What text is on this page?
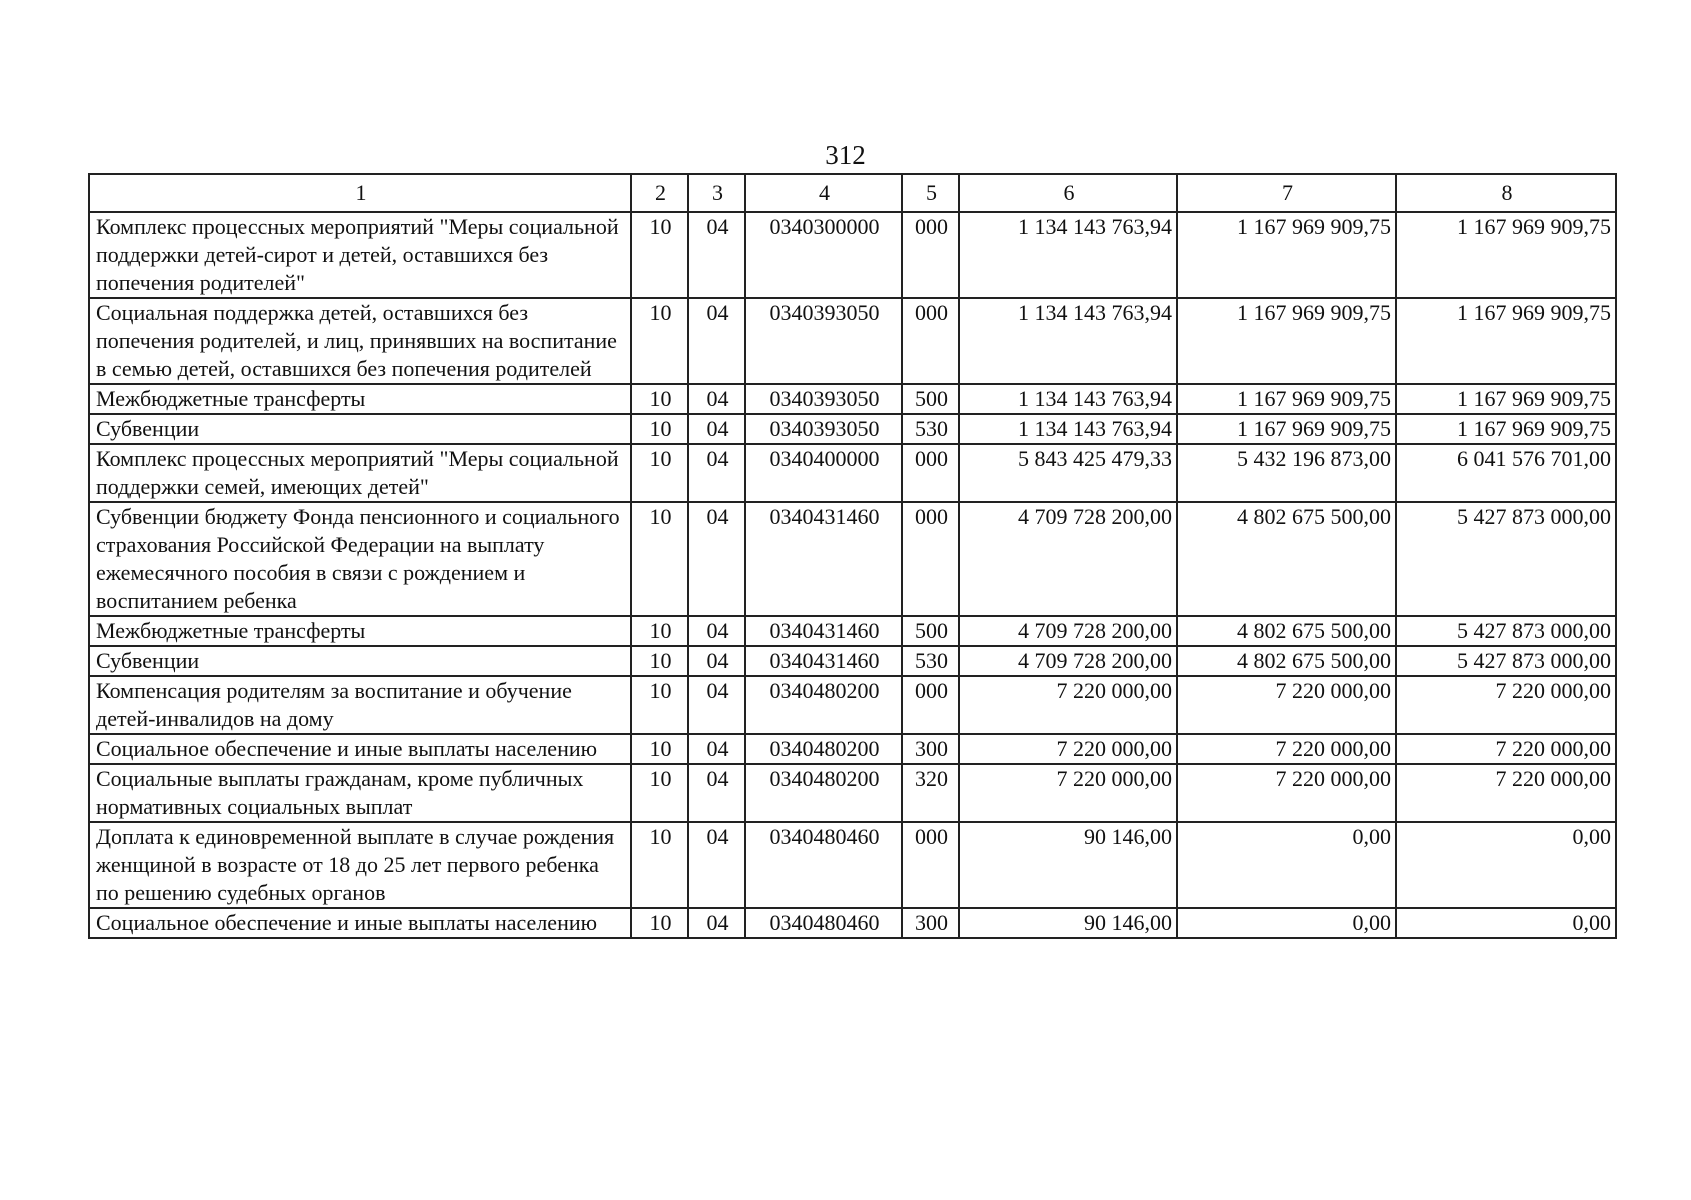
312
1	2	3	4	5	6	7	8
Комплекс процессных мероприятий "Меры социальной поддержки детей-сирот и детей, оставшихся без попечения родителей"	10	04	0340300000	000	1 134 143 763,94	1 167 969 909,75	1 167 969 909,75
Социальная поддержка детей, оставшихся без попечения родителей, и лиц, принявших на воспитание в семью детей, оставшихся без попечения родителей	10	04	0340393050	000	1 134 143 763,94	1 167 969 909,75	1 167 969 909,75
Межбюджетные трансферты	10	04	0340393050	500	1 134 143 763,94	1 167 969 909,75	1 167 969 909,75
Субвенции	10	04	0340393050	530	1 134 143 763,94	1 167 969 909,75	1 167 969 909,75
Комплекс процессных мероприятий "Меры социальной поддержки семей, имеющих детей"	10	04	0340400000	000	5 843 425 479,33	5 432 196 873,00	6 041 576 701,00
Субвенции бюджету Фонда пенсионного и социального страхования Российской Федерации на выплату ежемесячного пособия в связи с рождением и воспитанием ребенка	10	04	0340431460	000	4 709 728 200,00	4 802 675 500,00	5 427 873 000,00
Межбюджетные трансферты	10	04	0340431460	500	4 709 728 200,00	4 802 675 500,00	5 427 873 000,00
Субвенции	10	04	0340431460	530	4 709 728 200,00	4 802 675 500,00	5 427 873 000,00
Компенсация родителям за воспитание и обучение детей-инвалидов на дому	10	04	0340480200	000	7 220 000,00	7 220 000,00	7 220 000,00
Социальное обеспечение и иные выплаты населению	10	04	0340480200	300	7 220 000,00	7 220 000,00	7 220 000,00
Социальные выплаты гражданам, кроме публичных нормативных социальных выплат	10	04	0340480200	320	7 220 000,00	7 220 000,00	7 220 000,00
Доплата к единовременной выплате в случае рождения женщиной в возрасте от 18 до 25 лет первого ребенка по решению судебных органов	10	04	0340480460	000	90 146,00	0,00	0,00
Социальное обеспечение и иные выплаты населению	10	04	0340480460	300	90 146,00	0,00	0,00
